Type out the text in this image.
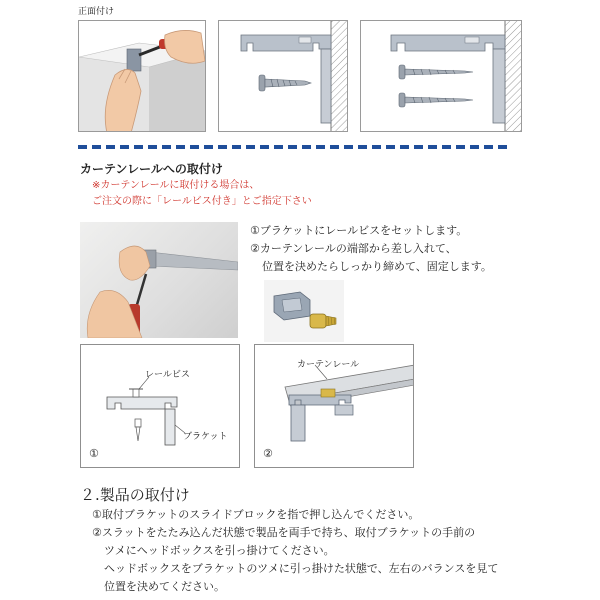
正面付け
カーテンレールへの取付け
※カーテンレールに取付ける場合は、
ご注文の際に「レールビス付き」とご指定下さい
①ブラケットにレールビスをセットします。
②カーテンレールの端部から差し入れて、
位置を決めたらしっかり締めて、固定します。
レールビス
ブラケット
①
カーテンレール
②
２.製品の取付け
①取付ブラケットのスライドブロックを指で押し込んでください。
②スラットをたたみ込んだ状態で製品を両手で持ち、取付ブラケットの手前の
ツメにヘッドボックスを引っ掛けてください。
ヘッドボックスをブラケットのツメに引っ掛けた状態で、左右のバランスを見て
位置を決めてください。
